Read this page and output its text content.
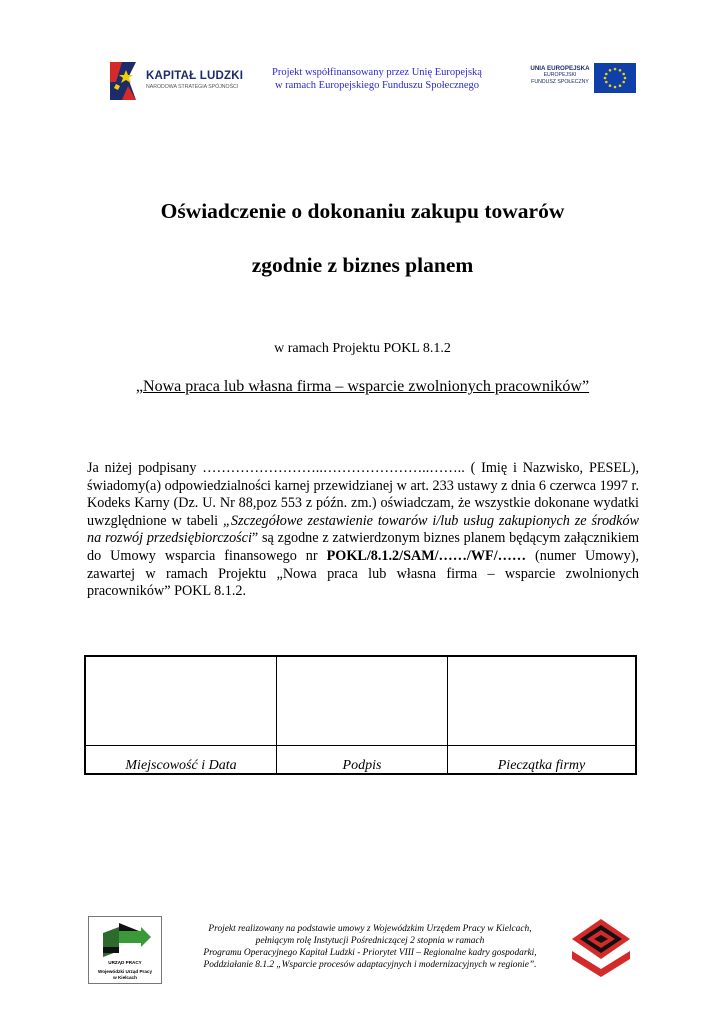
KAPITAŁ LUDZKI
NARODOWA STRATEGIA SPÓJNOŚCI
Projekt współfinansowany przez Unię Europejską
w ramach Europejskiego Funduszu Społecznego
UNIA EUROPEJSKA
EUROPEJSKI
FUNDUSZ SPOŁECZNY
Oświadczenie o dokonaniu zakupu towarów
zgodnie z biznes planem
w ramach Projektu POKL 8.1.2
„Nowa praca lub własna firma – wsparcie zwolnionych pracowników”
Ja niżej podpisany ……………………..…………………..…….. ( Imię i Nazwisko, PESEL), świadomy(a) odpowiedzialności karnej przewidzianej w art. 233 ustawy z dnia 6 czerwca 1997 r. Kodeks Karny (Dz. U. Nr 88,poz 553 z późn. zm.) oświadczam, że wszystkie dokonane wydatki uwzględnione w tabeli „Szczegółowe zestawienie towarów i/lub usług zakupionych ze środków na rozwój przedsiębiorczości” są zgodne z zatwierdzonym biznes planem będącym załącznikiem do Umowy wsparcia finansowego nr POKL/8.1.2/SAM/……/WF/…… (numer Umowy), zawartej w ramach Projektu „Nowa praca lub własna firma – wsparcie zwolnionych pracowników” POKL 8.1.2.
Miejscowość i Data	Podpis	Pieczątka firmy
URZĄD PRACY
Wojewódzki Urząd Pracy
w Kielcach
Projekt realizowany na podstawie umowy z Wojewódzkim Urzędem Pracy w Kielcach,
pełniącym rolę Instytucji Pośredniczącej 2 stopnia w ramach
Programu Operacyjnego Kapitał Ludzki - Priorytet VIII – Regionalne kadry gospodarki,
Poddziałanie 8.1.2 „Wsparcie procesów adaptacyjnych i modernizacyjnych w regionie”.
